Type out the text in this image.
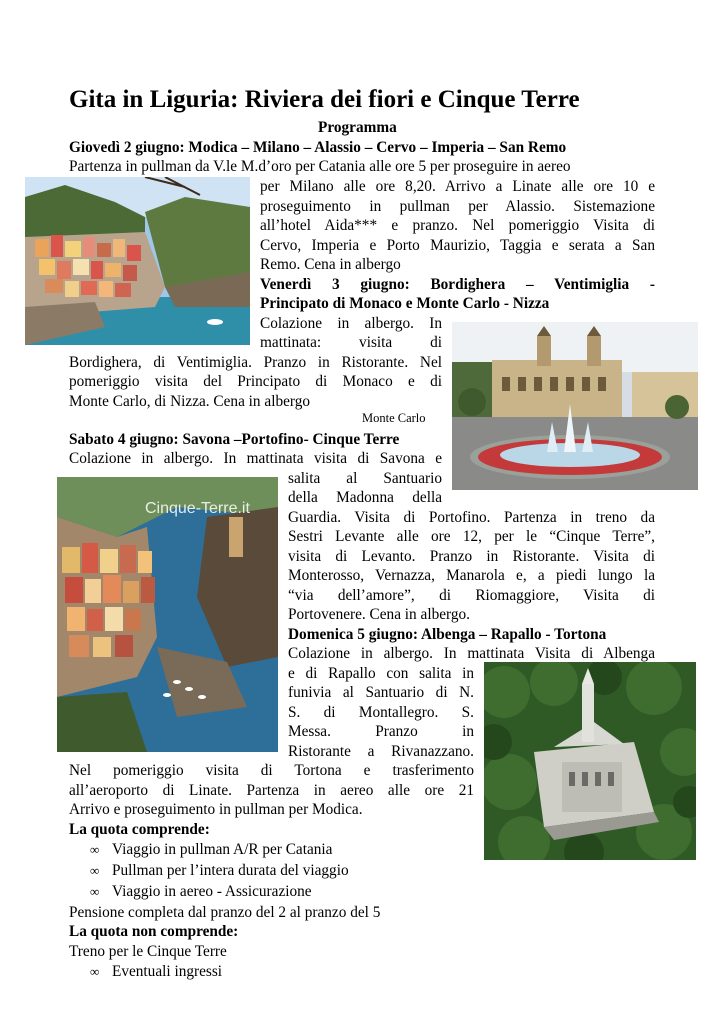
Gita in Liguria: Riviera dei fiori e Cinque Terre
Programma
Giovedì 2 giugno: Modica – Milano – Alassio – Cervo – Imperia – San Remo
Partenza in pullman da V.le M.d’oro per Catania alle ore 5 per proseguire in aereo
per Milano alle ore 8,20. Arrivo a Linate alle ore 10 e
proseguimento in pullman per Alassio. Sistemazione
all’hotel Aida*** e pranzo. Nel pomeriggio Visita di
Cervo, Imperia e Porto Maurizio, Taggia e serata a San
Remo. Cena in albergo
Venerdì 3 giugno: Bordighera – Ventimiglia -
Principato di Monaco e Monte Carlo - Nizza
Colazione in albergo. In
mattinata: visita di
Bordighera, di Ventimiglia. Pranzo in Ristorante. Nel
pomeriggio visita del Principato di Monaco e di
Monte Carlo, di Nizza. Cena in albergo
Monte Carlo
Sabato 4 giugno: Savona –Portofino- Cinque Terre
Colazione in albergo. In mattinata visita di Savona e
salita al Santuario
della Madonna della
Guardia. Visita di Portofino. Partenza in treno da
Sestri Levante alle ore 12, per le “Cinque Terre”,
visita di Levanto. Pranzo in Ristorante. Visita di
Monterosso, Vernazza, Manarola e, a piedi lungo la
“via dell’amore”, di Riomaggiore, Visita di
Portovenere. Cena in albergo.
Cinque-Terre.it
Domenica 5 giugno: Albenga – Rapallo - Tortona
Colazione in albergo. In mattinata Visita di Albenga
e di Rapallo con salita in
funivia al Santuario di N.
S. di Montallegro. S.
Messa. Pranzo in
Ristorante a Rivanazzano.
Nel pomeriggio visita di Tortona e trasferimento
all’aeroporto di Linate. Partenza in aereo alle ore 21
Arrivo e proseguimento in pullman per Modica.
La quota comprende:
∞ Viaggio in pullman A/R per Catania
∞ Pullman per l’intera durata del viaggio
∞ Viaggio in aereo - Assicurazione
Pensione completa dal pranzo del 2 al pranzo del 5
La quota non comprende:
Treno per le Cinque Terre
∞ Eventuali ingressi
